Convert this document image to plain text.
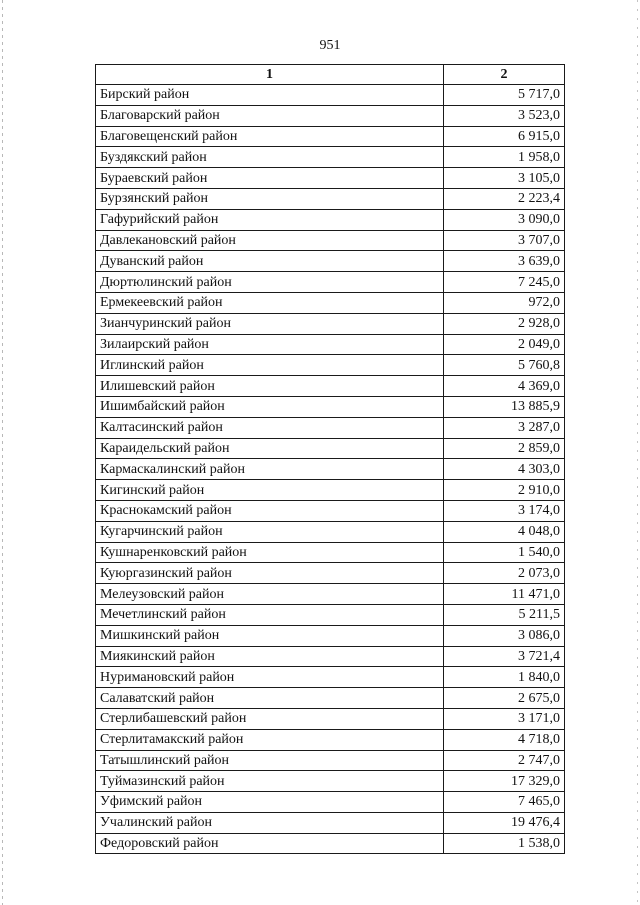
951
1	2
Бирский район	5 717,0
Благоварский район	3 523,0
Благовещенский район	6 915,0
Буздякский район	1 958,0
Бураевский район	3 105,0
Бурзянский район	2 223,4
Гафурийский район	3 090,0
Давлекановский район	3 707,0
Дуванский район	3 639,0
Дюртюлинский район	7 245,0
Ермекеевский район	972,0
Зианчуринский район	2 928,0
Зилаирский район	2 049,0
Иглинский район	5 760,8
Илишевский район	4 369,0
Ишимбайский район	13 885,9
Калтасинский район	3 287,0
Караидельский район	2 859,0
Кармаскалинский район	4 303,0
Кигинский район	2 910,0
Краснокамский район	3 174,0
Кугарчинский район	4 048,0
Кушнаренковский район	1 540,0
Куюргазинский район	2 073,0
Мелеузовский район	11 471,0
Мечетлинский район	5 211,5
Мишкинский район	3 086,0
Миякинский район	3 721,4
Нуримановский район	1 840,0
Салаватский район	2 675,0
Стерлибашевский район	3 171,0
Стерлитамакский район	4 718,0
Татышлинский район	2 747,0
Туймазинский район	17 329,0
Уфимский район	7 465,0
Учалинский район	19 476,4
Федоровский район	1 538,0
